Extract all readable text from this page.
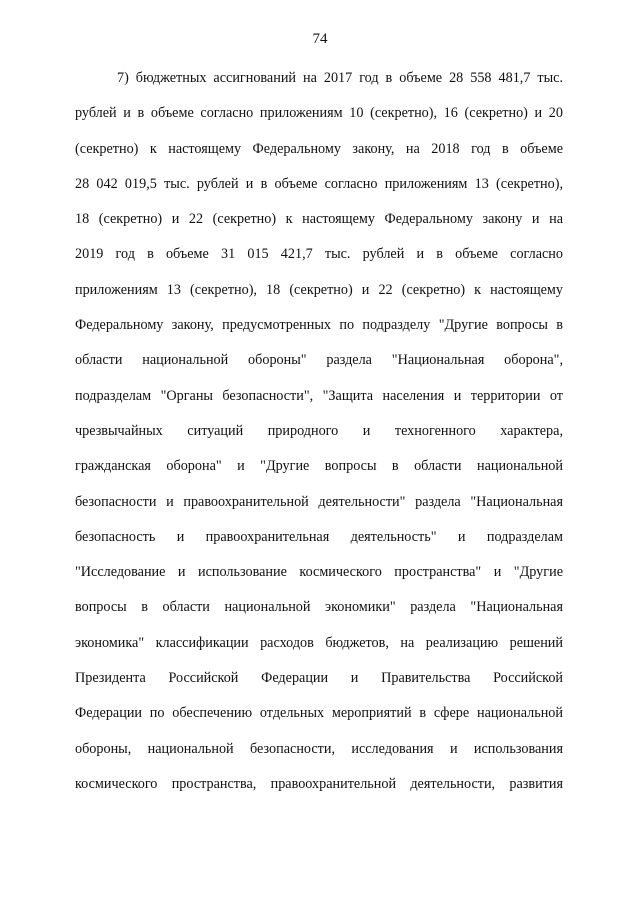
74
7) бюджетных ассигнований на 2017 год в объеме 28 558 481,7 тыс.
рублей и в объеме согласно приложениям 10 (секретно), 16 (секретно) и 20
(секретно) к настоящему Федеральному закону, на 2018 год в объеме
28 042 019,5 тыс. рублей и в объеме согласно приложениям 13 (секретно),
18 (секретно) и 22 (секретно) к настоящему Федеральному закону и на
2019 год в объеме 31 015 421,7 тыс. рублей и в объеме согласно
приложениям 13 (секретно), 18 (секретно) и 22 (секретно) к настоящему
Федеральному закону, предусмотренных по подразделу "Другие вопросы в
области национальной обороны" раздела "Национальная оборона",
подразделам "Органы безопасности", "Защита населения и территории от
чрезвычайных ситуаций природного и техногенного характера,
гражданская оборона" и "Другие вопросы в области национальной
безопасности и правоохранительной деятельности" раздела "Национальная
безопасность и правоохранительная деятельность" и подразделам
"Исследование и использование космического пространства" и "Другие
вопросы в области национальной экономики" раздела "Национальная
экономика" классификации расходов бюджетов, на реализацию решений
Президента Российской Федерации и Правительства Российской
Федерации по обеспечению отдельных мероприятий в сфере национальной
обороны, национальной безопасности, исследования и использования
космического пространства, правоохранительной деятельности, развития
